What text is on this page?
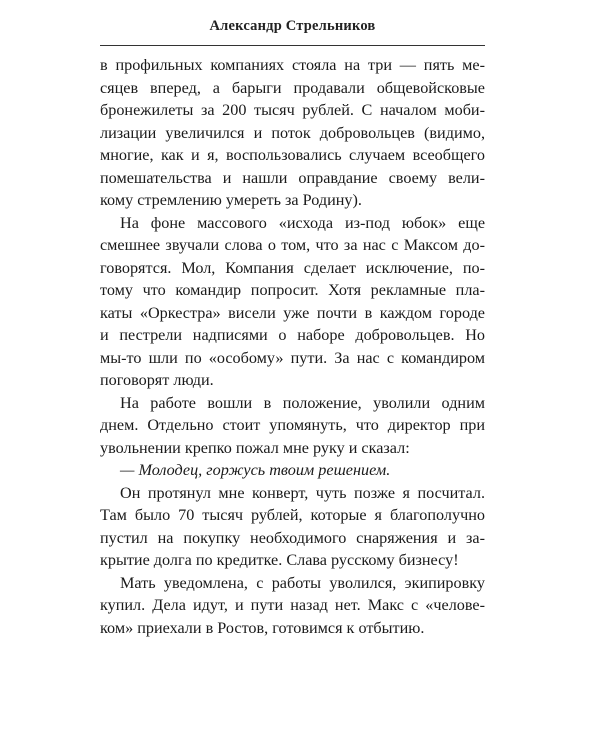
Александр Стрельников
в профильных компаниях стояла на три — пять ме-
сяцев вперед, а барыги продавали общевойсковые
бронежилеты за 200 тысяч рублей. С началом моби-
лизации увеличился и поток добровольцев (видимо,
многие, как и я, воспользовались случаем всеобщего
помешательства и нашли оправдание своему вели-
кому стремлению умереть за Родину).
На фоне массового «исхода из-под юбок» еще
смешнее звучали слова о том, что за нас с Максом до-
говорятся. Мол, Компания сделает исключение, по-
тому что командир попросит. Хотя рекламные пла-
каты «Оркестра» висели уже почти в каждом городе
и пестрели надписями о наборе добровольцев. Но
мы-то шли по «особому» пути. За нас с командиром
поговорят люди.
На работе вошли в положение, уволили одним
днем. Отдельно стоит упомянуть, что директор при
увольнении крепко пожал мне руку и сказал:
— Молодец, горжусь твоим решением.
Он протянул мне конверт, чуть позже я посчитал.
Там было 70 тысяч рублей, которые я благополучно
пустил на покупку необходимого снаряжения и за-
крытие долга по кредитке. Слава русскому бизнесу!
Мать уведомлена, с работы уволился, экипировку
купил. Дела идут, и пути назад нет. Макс с «челове-
ком» приехали в Ростов, готовимся к отбытию.
